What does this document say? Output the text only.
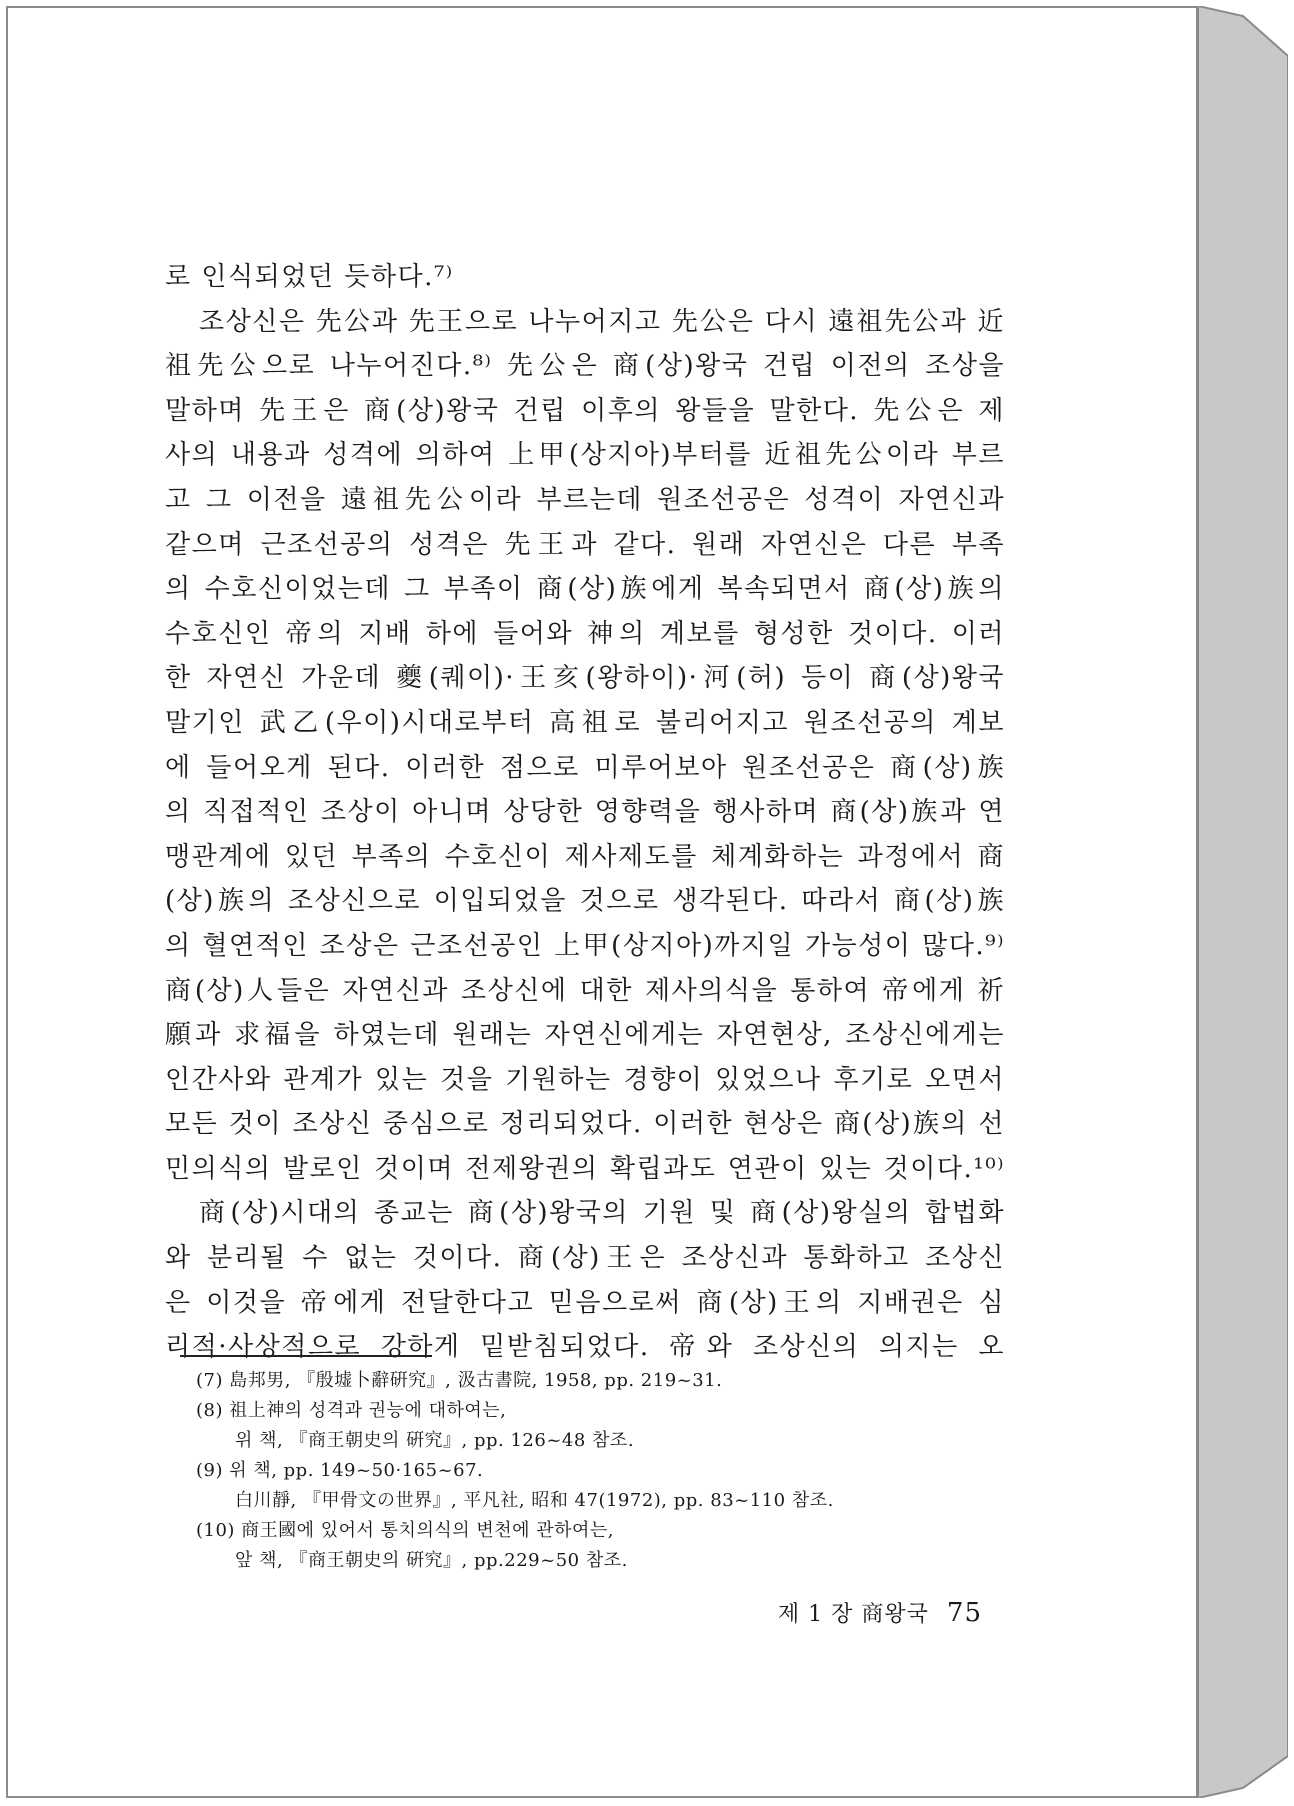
로 인식되었던 듯하다.⁷⁾
조상신은 先公과 先王으로 나누어지고 先公은 다시 遠祖先公과 近
祖先公으로 나누어진다.⁸⁾ 先公은 商(상)왕국 건립 이전의 조상을
말하며 先王은 商(상)왕국 건립 이후의 왕들을 말한다. 先公은 제
사의 내용과 성격에 의하여 上甲(상지아)부터를 近祖先公이라 부르
고 그 이전을 遠祖先公이라 부르는데 원조선공은 성격이 자연신과
같으며 근조선공의 성격은 先王과 같다. 원래 자연신은 다른 부족
의 수호신이었는데 그 부족이 商(상)族에게 복속되면서 商(상)族의
수호신인 帝의 지배 하에 들어와 神의 계보를 형성한 것이다. 이러
한 자연신 가운데 夔(퀘이)·王亥(왕하이)·河(허) 등이 商(상)왕국
말기인 武乙(우이)시대로부터 高祖로 불리어지고 원조선공의 계보
에 들어오게 된다. 이러한 점으로 미루어보아 원조선공은 商(상)族
의 직접적인 조상이 아니며 상당한 영향력을 행사하며 商(상)族과 연
맹관계에 있던 부족의 수호신이 제사제도를 체계화하는 과정에서 商
(상)族의 조상신으로 이입되었을 것으로 생각된다. 따라서 商(상)族
의 혈연적인 조상은 근조선공인 上甲(상지아)까지일 가능성이 많다.⁹⁾
商(상)人들은 자연신과 조상신에 대한 제사의식을 통하여 帝에게 祈
願과 求福을 하였는데 원래는 자연신에게는 자연현상, 조상신에게는
인간사와 관계가 있는 것을 기원하는 경향이 있었으나 후기로 오면서
모든 것이 조상신 중심으로 정리되었다. 이러한 현상은 商(상)族의 선
민의식의 발로인 것이며 전제왕권의 확립과도 연관이 있는 것이다.¹⁰⁾
商(상)시대의 종교는 商(상)왕국의 기원 및 商(상)왕실의 합법화
와 분리될 수 없는 것이다. 商(상)王은 조상신과 통화하고 조상신
은 이것을 帝에게 전달한다고 믿음으로써 商(상)王의 지배권은 심
리적·사상적으로 강하게 밑받침되었다. 帝와 조상신의 의지는 오
(7) 島邦男, 『殷墟卜辭硏究』, 汲古書院, 1958, pp. 219~31.
(8) 祖上神의 성격과 권능에 대하여는,
위 책, 『商王朝史의 硏究』, pp. 126~48 참조.
(9) 위 책, pp. 149~50·165~67.
白川靜, 『甲骨文の世界』, 平凡社, 昭和 47(1972), pp. 83~110 참조.
(10) 商王國에 있어서 통치의식의 변천에 관하여는,
앞 책, 『商王朝史의 硏究』, pp.229~50 참조.
제 1 장 商왕국 75
